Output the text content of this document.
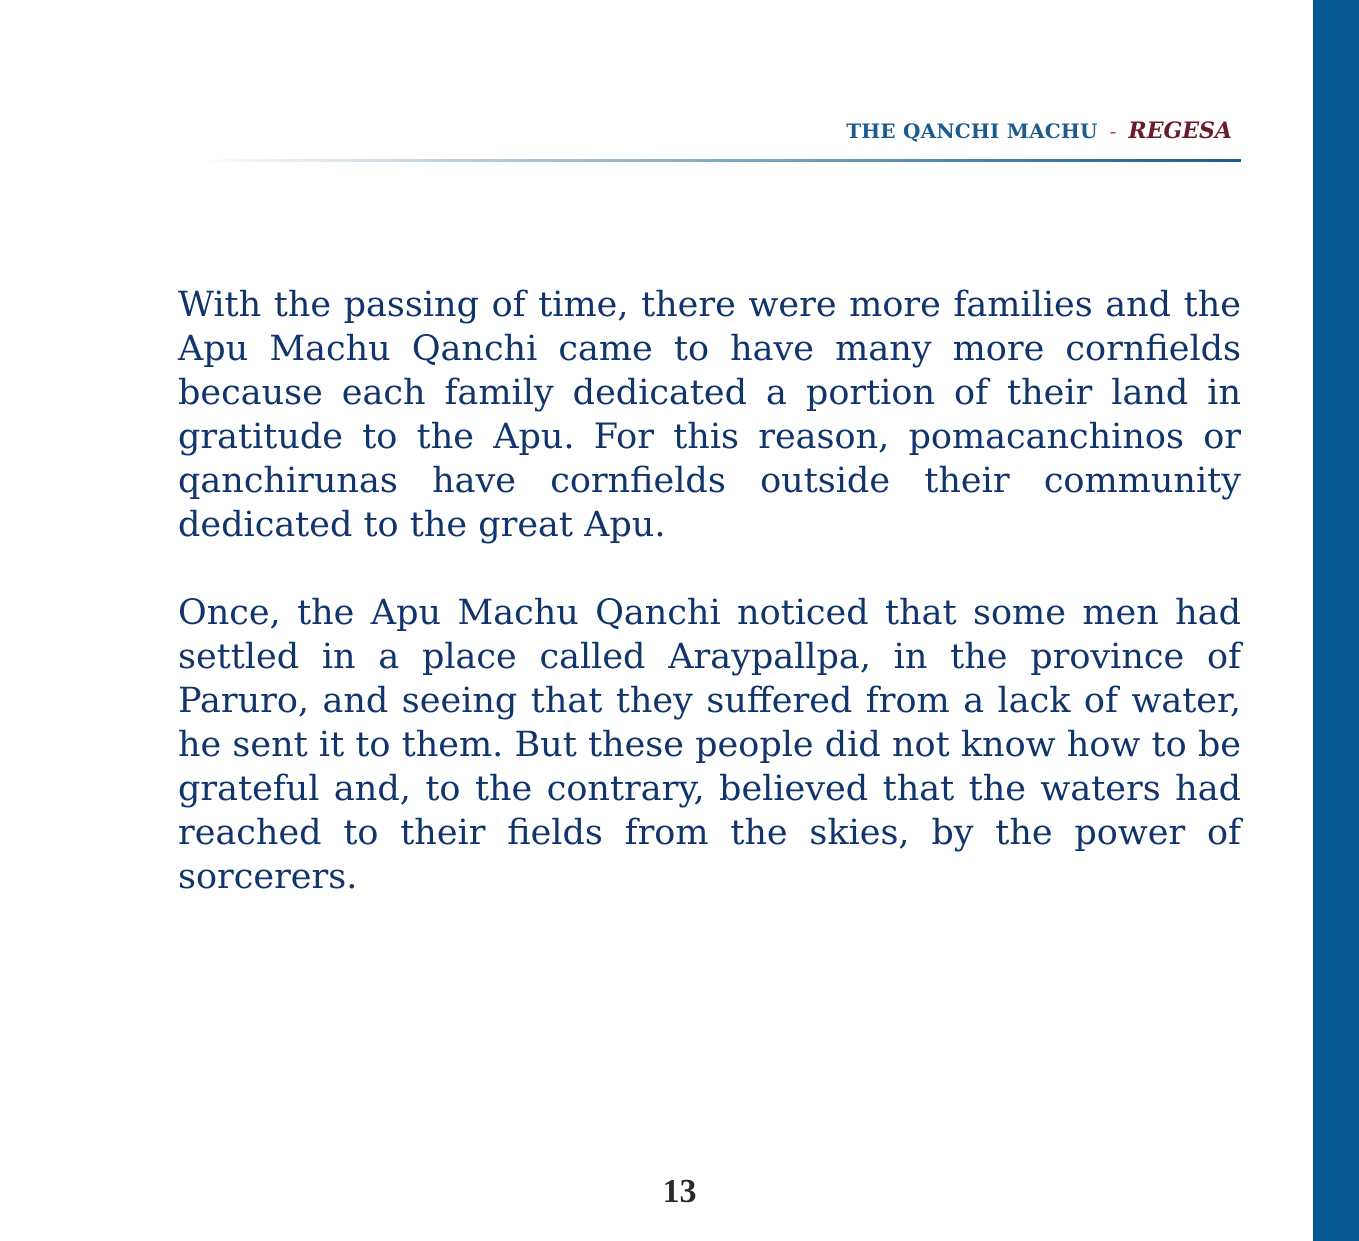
THE QANCHI MACHU - REGESA

With the passing of time, there were more families and the Apu Machu Qanchi came to have many more cornfields because each family dedicated a portion of their land in gratitude to the Apu. For this reason, pomacanchinos or qanchirunas have cornfields outside their community dedicated to the great Apu.

Once, the Apu Machu Qanchi noticed that some men had settled in a place called Araypallpa, in the province of Paruro, and seeing that they suffered from a lack of water, he sent it to them. But these people did not know how to be grateful and, to the contrary, believed that the waters had reached to their fields from the skies, by the power of sorcerers.

13
